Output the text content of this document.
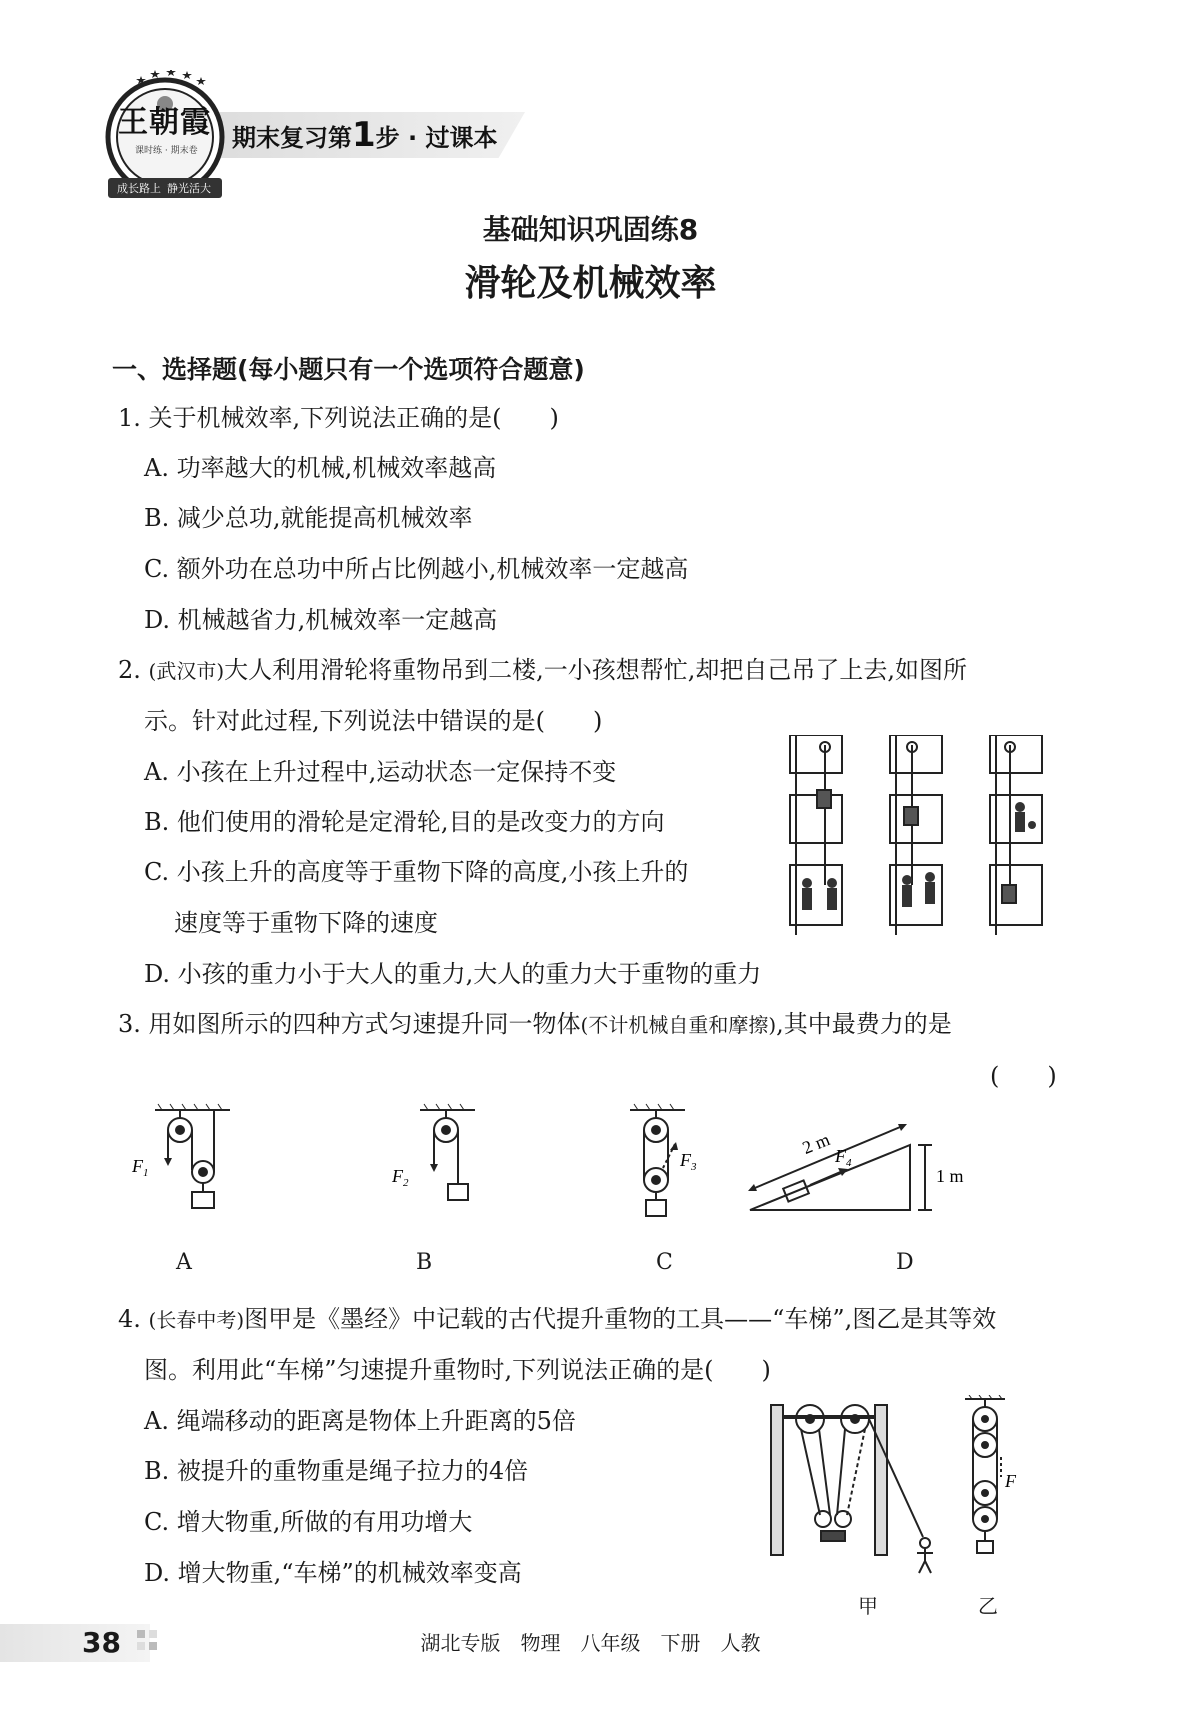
期末复习第1步 · 过课本
王朝霞
课时练 · 期末卷
成长路上 静光活大
基础知识巩固练8
滑轮及机械效率
一、选择题(每小题只有一个选项符合题意)
1. 关于机械效率,下列说法正确的是(　　)
A. 功率越大的机械,机械效率越高
B. 减少总功,就能提高机械效率
C. 额外功在总功中所占比例越小,机械效率一定越高
D. 机械越省力,机械效率一定越高
2. (武汉市)大人利用滑轮将重物吊到二楼,一小孩想帮忙,却把自己吊了上去,如图所
示。针对此过程,下列说法中错误的是(　　)
A. 小孩在上升过程中,运动状态一定保持不变
B. 他们使用的滑轮是定滑轮,目的是改变力的方向
C. 小孩上升的高度等于重物下降的高度,小孩上升的
速度等于重物下降的速度
D. 小孩的重力小于大人的重力,大人的重力大于重物的重力
3. 用如图所示的四种方式匀速提升同一物体(不计机械自重和摩擦),其中最费力的是
(　　)
$F_1$	$F_2$
$F_3$
$F_4$
2 m
1 m
A	B	C	D
4. (长春中考)图甲是《墨经》中记载的古代提升重物的工具——“车梯”,图乙是其等效
图。利用此“车梯”匀速提升重物时,下列说法正确的是(　　)
A. 绳端移动的距离是物体上升距离的5倍
B. 被提升的重物重是绳子拉力的4倍
C. 增大物重,所做的有用功增大
D. 增大物重,“车梯”的机械效率变高
F
甲	乙
38	湖北专版　物理　八年级　下册　人教
